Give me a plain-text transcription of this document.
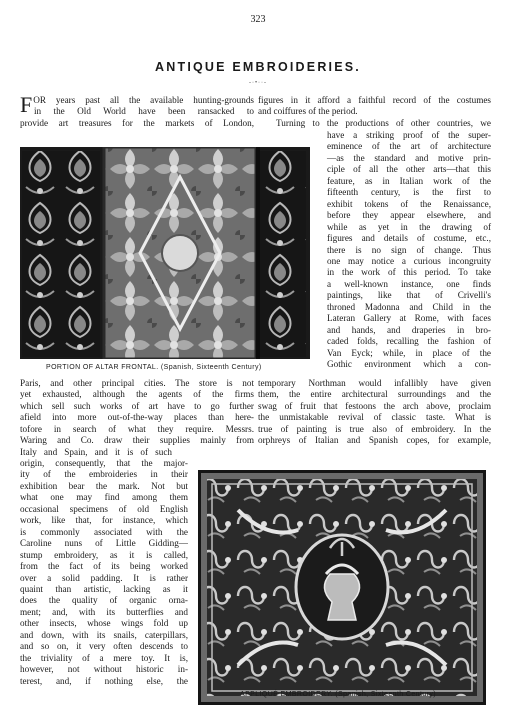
323
ANTIQUE EMBROIDERIES.
-·•··-
F OR years past all the available hunting-grounds
in the Old World have been ransacked to
provide art treasures for the markets of London,
figures in it afford a faithful record of the costumes
and coiffures of the period.
Turning to the productions of other countries, we
PORTION OF ALTAR FRONTAL. (Spanish, Sixteenth Century)
have a striking proof of the super-
eminence of the art of architecture
—as the standard and motive prin-
ciple of all the other arts—that this
feature, as in Italian work of the
fifteenth century, is the first to
exhibit tokens of the Renaissance,
before they appear elsewhere, and
while as yet in the drawing of
figures and details of costume, etc.,
there is no sign of change. Thus
one may notice a curious incongruity
in the work of this period. To take
a well-known instance, one finds
paintings, like that of Crivelli's
throned Madonna and Child in the
Lateran Gallery at Rome, with faces
and hands, and draperies in bro-
caded folds, recalling the fashion of
Van Eyck; while, in place of the
Gothic environment which a con-
Paris, and other principal cities. The store is not
yet exhausted, although the agents of the firms
which sell such works of art have to go further
afield into more out-of-the-way places than here-
tofore in search of what they require. Messrs.
Waring and Co. draw their supplies mainly from
Italy and Spain, and it is of such
temporary Northman would infallibly have given
them, the entire architectural surroundings and the
swag of fruit that festoons the arch above, proclaim
the unmistakable revival of classic taste. What is
true of painting is true also of embroidery. In the
orphreys of Italian and Spanish copes, for example,
origin, consequently, that the major-
ity of the embroideries in their
exhibition bear the mark. Not but
what one may find among them
occasional specimens of old English
work, like that, for instance, which
is commonly associated with the
Caroline nuns of Little Gidding—
stump embroidery, as it is called,
from the fact of its being worked
over a solid padding. It is rather
quaint than artistic, lacking as it
does the quality of organic orna-
ment; and, with its butterflies and
other insects, whose wings fold up
and down, with its snails, caterpillars,
and so on, it very often descends to
the triviality of a mere toy. It is,
however, not without historic in-
terest, and, if nothing else, the
APPLIQUÉ EMBROIDERY. (Spanish, Sixteenth Century)
